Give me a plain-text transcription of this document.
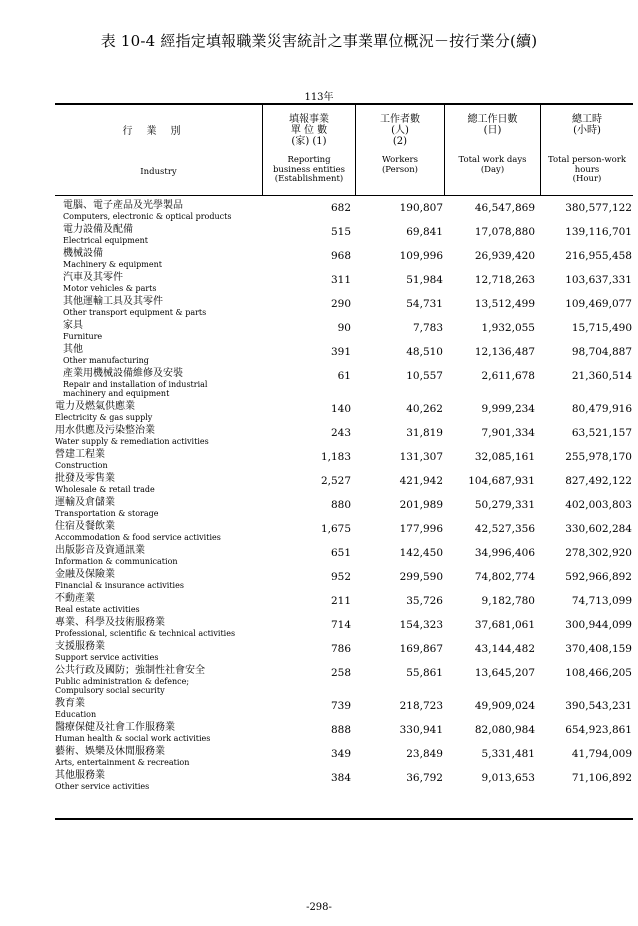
表 10-4 經指定填報職業災害統計之事業單位概況－按行業分(續)
113年
行業別
Industry
填報事業
單 位 數
(家) (1)
Reporting
business entities
(Establishment)
工作者數
(人)
(2)
Workers
(Person)
總工作日數
(日)
Total work days
(Day)
總工時
(小時)
Total person-work
hours
(Hour)
電腦、電子產品及光學製品
Computers, electronic & optical products
682	190,807	46,547,869	380,577,122
電力設備及配備
Electrical equipment
515	69,841	17,078,880	139,116,701
機械設備
Machinery & equipment
968	109,996	26,939,420	216,955,458
汽車及其零件
Motor vehicles & parts
311	51,984	12,718,263	103,637,331
其他運輸工具及其零件
Other transport equipment & parts
290	54,731	13,512,499	109,469,077
家具
Furniture
90	7,783	1,932,055	15,715,490
其他
Other manufacturing
391	48,510	12,136,487	98,704,887
產業用機械設備維修及安裝
Repair and installation of industrial
machinery and equipment
61	10,557	2,611,678	21,360,514
電力及燃氣供應業
Electricity & gas supply
140	40,262	9,999,234	80,479,916
用水供應及污染整治業
Water supply & remediation activities
243	31,819	7,901,334	63,521,157
營建工程業
Construction
1,183	131,307	32,085,161	255,978,170
批發及零售業
Wholesale & retail trade
2,527	421,942	104,687,931	827,492,122
運輸及倉儲業
Transportation & storage
880	201,989	50,279,331	402,003,803
住宿及餐飲業
Accommodation & food service activities
1,675	177,996	42,527,356	330,602,284
出版影音及資通訊業
Information & communication
651	142,450	34,996,406	278,302,920
金融及保險業
Financial & insurance activities
952	299,590	74,802,774	592,966,892
不動產業
Real estate activities
211	35,726	9,182,780	74,713,099
專業、科學及技術服務業
Professional, scientific & technical activities
714	154,323	37,681,061	300,944,099
支援服務業
Support service activities
786	169,867	43,144,482	370,408,159
公共行政及國防；強制性社會安全
Public administration & defence;
Compulsory social security
258	55,861	13,645,207	108,466,205
教育業
Education
739	218,723	49,909,024	390,543,231
醫療保健及社會工作服務業
Human health & social work activities
888	330,941	82,080,984	654,923,861
藝術、娛樂及休閒服務業
Arts, entertainment & recreation
349	23,849	5,331,481	41,794,009
其他服務業
Other service activities
384	36,792	9,013,653	71,106,892
-298-
